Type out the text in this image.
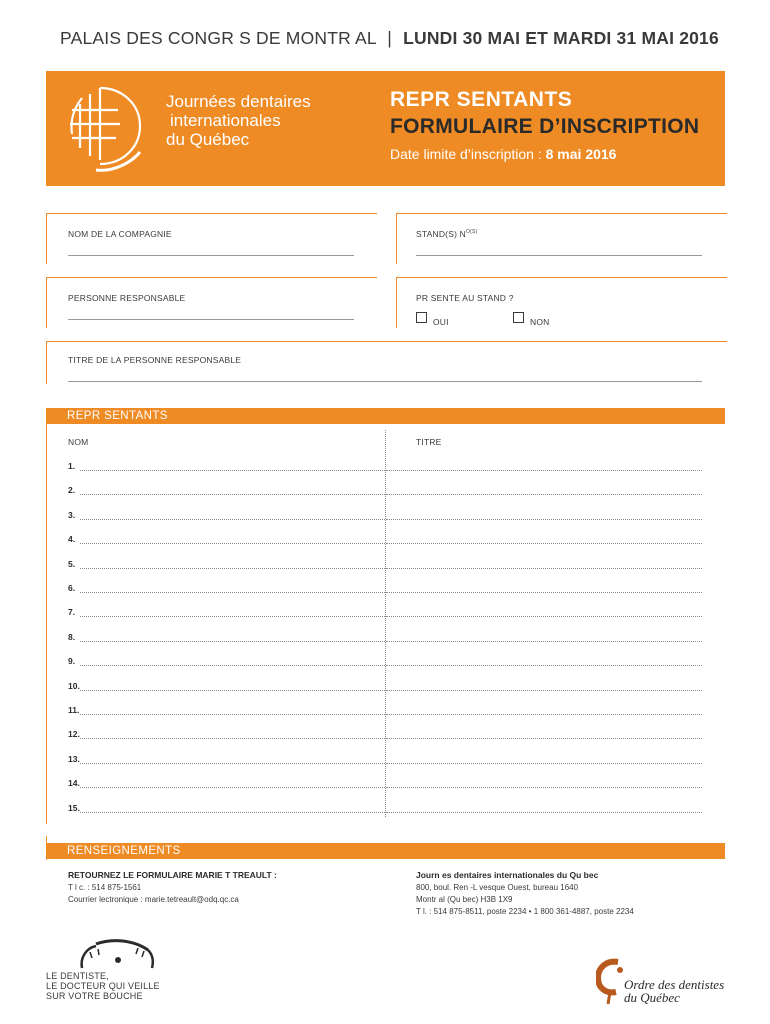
PALAIS DES CONGR S DE MONTR AL | LUNDI 30 MAI ET MARDI 31 MAI 2016
Journées dentaires
internationales
du Québec
REPR SENTANTS
FORMULAIRE D’INSCRIPTION
Date limite d’inscription : 8 mai 2016
NOM DE LA COMPAGNIE	STAND(S) $N^{O(S)}$
PERSONNE RESPONSABLE	PR SENTE AU STAND ?
OUI	NON
TITRE DE LA PERSONNE RESPONSABLE
REPR SENTANTS
NOM	TITRE
1.
2.
3.
4.
5.
6.
7.
8.
9.
10.
11.
12.
13.
14.
15.
RENSEIGNEMENTS
RETOURNEZ LE FORMULAIRE MARIE T TREAULT :
T l c. : 514 875-1561
Courrier lectronique : marie.tetreault@odq.qc.ca
Journ es dentaires internationales du Qu bec
800, boul. Ren -L vesque Ouest, bureau 1640
Montr al (Qu bec) H3B 1X9
T l. : 514 875-8511, poste 2234 • 1 800 361-4887, poste 2234
LE DENTISTE,
LE DOCTEUR QUI VEILLE
SUR VOTRE BOUCHE
Ordre des dentistes
du Québec
